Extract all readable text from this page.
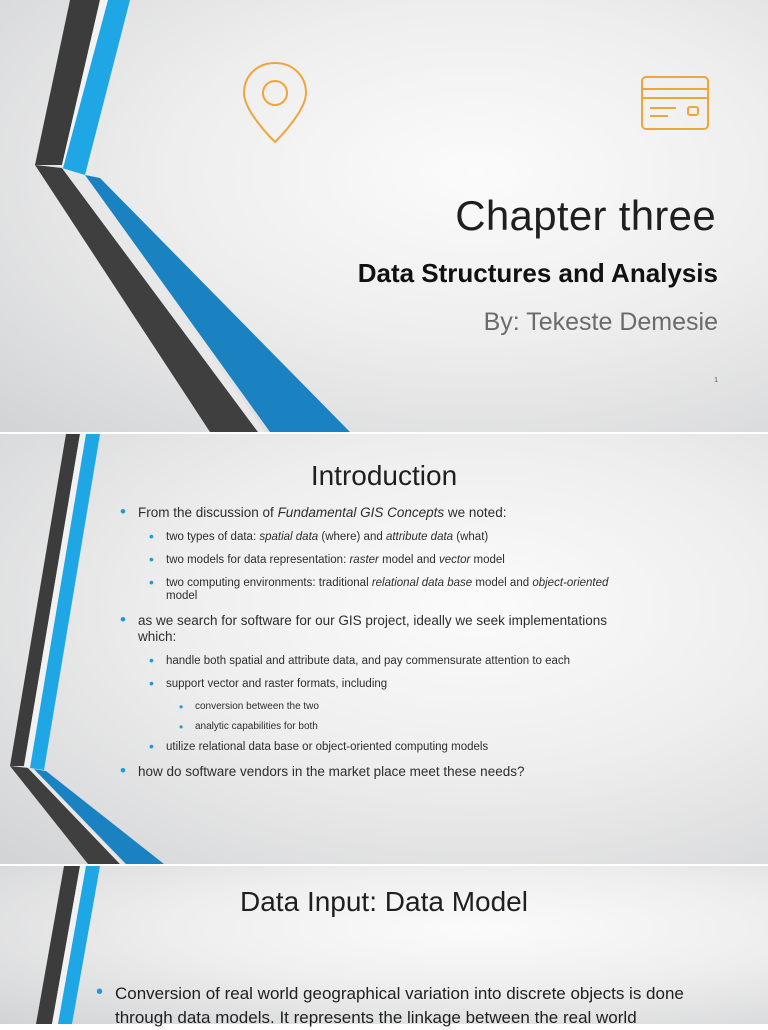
Chapter three
Data Structures and Analysis
By: Tekeste Demesie
1
Introduction
• From the discussion of Fundamental GIS Concepts we noted:
• two types of data: spatial data (where) and attribute data (what)
• two models for data representation: raster model and vector model
• two computing environments: traditional relational data base model and object-oriented model
• as we search for software for our GIS project, ideally we seek implementations which:
• handle both spatial and attribute data, and pay commensurate attention to each
• support vector and raster formats, including
• conversion between the two
• analytic capabilities for both
• utilize relational data base or object-oriented computing models
• how do software vendors in the market place meet these needs?
Data Input: Data Model
• Conversion of real world geographical variation into discrete objects is done through data models. It represents the linkage between the real world
